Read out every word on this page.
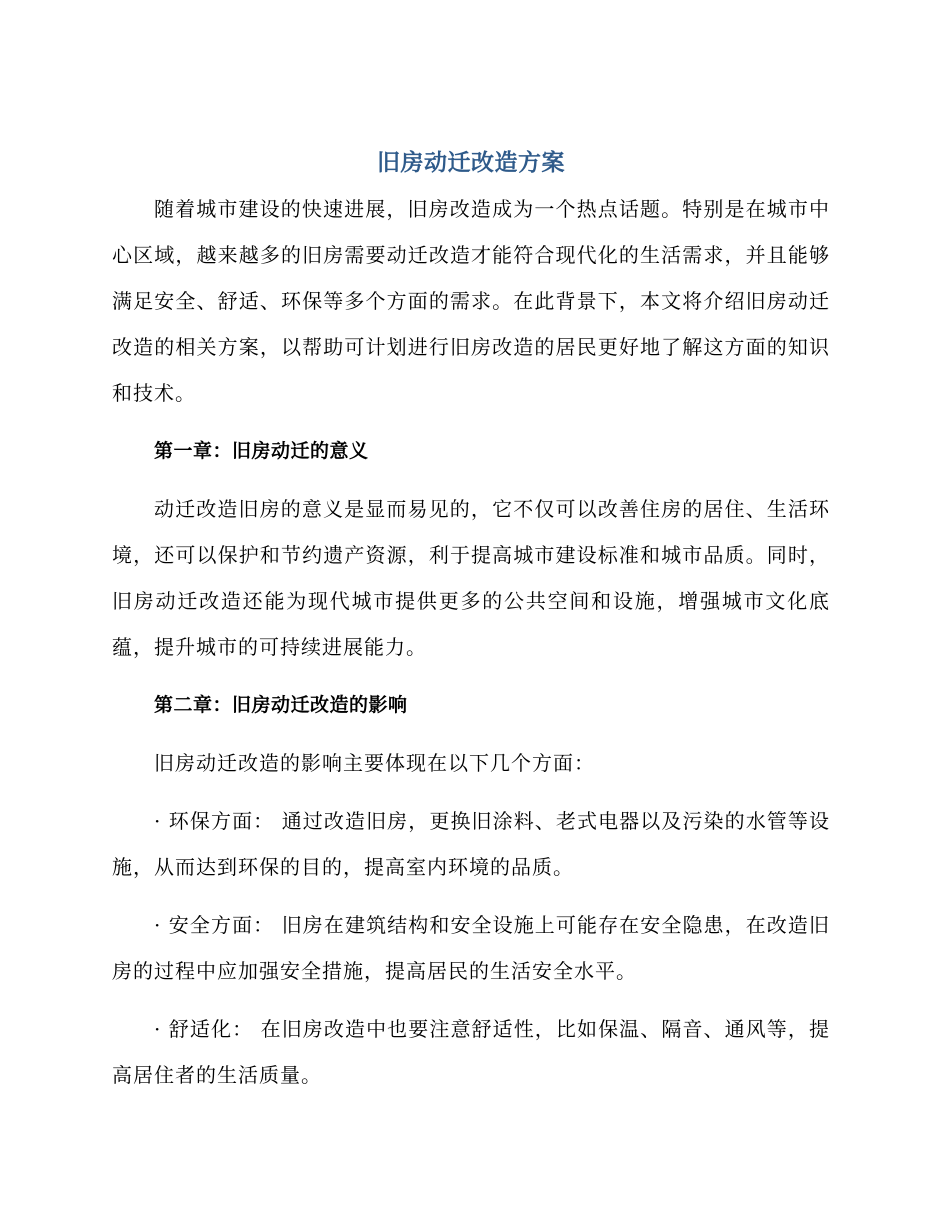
旧房动迁改造方案

随着城市建设的快速进展，旧房改造成为一个热点话题。特别是在城市中心区域，越来越多的旧房需要动迁改造才能符合现代化的生活需求，并且能够满足安全、舒适、环保等多个方面的需求。在此背景下，本文将介绍旧房动迁改造的相关方案，以帮助可计划进行旧房改造的居民更好地了解这方面的知识和技术。

第一章：旧房动迁的意义

动迁改造旧房的意义是显而易见的，它不仅可以改善住房的居住、生活环境，还可以保护和节约遗产资源，利于提高城市建设标准和城市品质。同时，旧房动迁改造还能为现代城市提供更多的公共空间和设施，增强城市文化底蕴，提升城市的可持续进展能力。

第二章：旧房动迁改造的影响

旧房动迁改造的影响主要体现在以下几个方面：

· 环保方面： 通过改造旧房，更换旧涂料、老式电器以及污染的水管等设施，从而达到环保的目的，提高室内环境的品质。

· 安全方面： 旧房在建筑结构和安全设施上可能存在安全隐患，在改造旧房的过程中应加强安全措施，提高居民的生活安全水平。

· 舒适化： 在旧房改造中也要注意舒适性，比如保温、隔音、通风等，提高居住者的生活质量。
